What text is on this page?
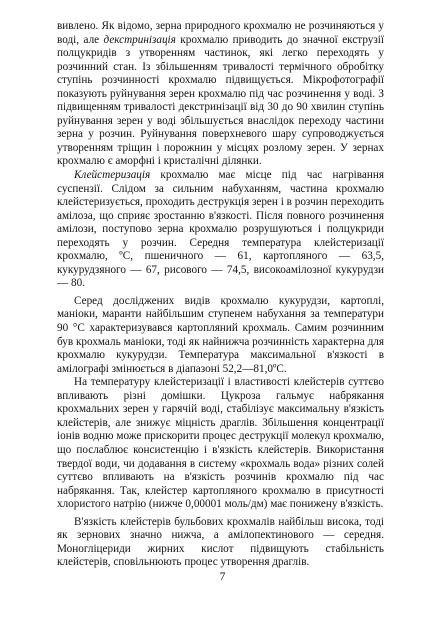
вивлено. Як відомо, зерна природного крохмалю не розчиняються у воді, але декстринізація крохмалю приводить до значної екструзії полцукридів з утворенням частинок, які легко переходять у розчинний стан. Із збільшенням тривалості термічного обробітку ступінь розчинності крохмалю підвищується. Мікрофотографії показують руйнування зерен крохмалю під час розчинення у воді. З підвищенням тривалості декстринізації від 30 до 90 хвилин ступінь руйнування зерен у воді збільшується внаслідок переходу частини зерна у розчин. Руйнування поверхневого шару супроводжується утворенням тріщин і порожнин у місцях розлому зерен. У зернах крохмалю є аморфні і кристалічні ділянки.

Клейстеризація крохмалю має місце під час нагрівання суспензії. Слідом за сильним набуханням, частина крохмалю клейстеризується, проходить деструкція зерен і в розчин переходить амілоза, що сприяє зростанню в'язкості. Після повного розчинення амілози, поступово зерна крохмалю розрушуються і полцукриди переходять у розчин. Середня температура клейстеризації крохмалю, ºС, пшеничного — 61, картопляного — 63,5, кукурудзяного — 67, рисового — 74,5, високоамілозної кукурудзи — 80.

Серед досліджених видів крохмалю кукурудзи, картоплі, маніоки, маранти найбільшим ступенем набухання за температури 90 °С характеризувався картопляний крохмаль. Самим розчинним був крохмаль маніоки, тоді як найнижча розчинність характерна для крохмалю кукурудзи. Температура максимальної в'язкості в амілографі змінюється в діапазоні 52,2—81,0ºС.

На температуру клейстеризації і властивості клейстерів суттєво впливають різні домішки. Цукроза гальмує набрякання крохмальних зерен у гарячій воді, стабілізує максимальну в'язкість клейстерів, але знижує міцність драглів. Збільшення концентрації іонів водню може прискорити процес деструкції молекул крохмалю, що послаблює консистенцію і в'язкість клейстерів. Використання твердої води, чи додавання в систему «крохмаль вода» різних солей суттєво впливають на в'язкість розчинів крохмалю під час набрякання. Так, клейстер картопляного крохмалю в присутності хлористого натрію (нижче 0,00001 моль/дм) має понижену в'язкість.

В'язкість клейстерів бульбових крохмалів найбільш висока, тоді як зернових значно нижча, а амілопектинового — середня. Моногліцериди жирних кислот підвищують стабільність клейстерів, сповільнюють процес утворення драглів.

7
